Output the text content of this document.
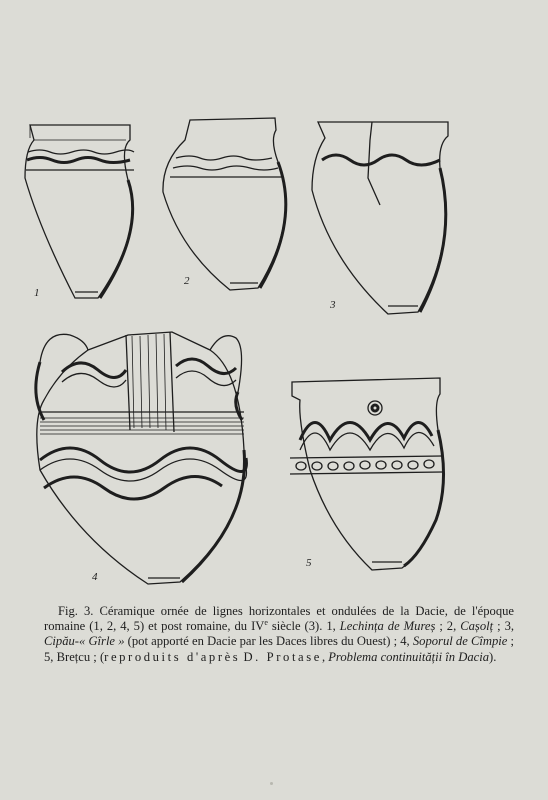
1
2
3
4
5

Fig. 3. Céramique ornée de lignes horizontales et ondulées de la Dacie, de l'époque romaine (1, 2, 4, 5) et post romaine, du IVe siècle (3). 1, Lechința de Mureș ; 2, Cașolț ; 3, Cipău-« Gîrle » (pot apporté en Dacie par les Daces libres du Ouest) ; 4, Soporul de Cîmpie ; 5, Brețcu ; (reproduits d'après D. Protase, Problema continuității în Dacia).
